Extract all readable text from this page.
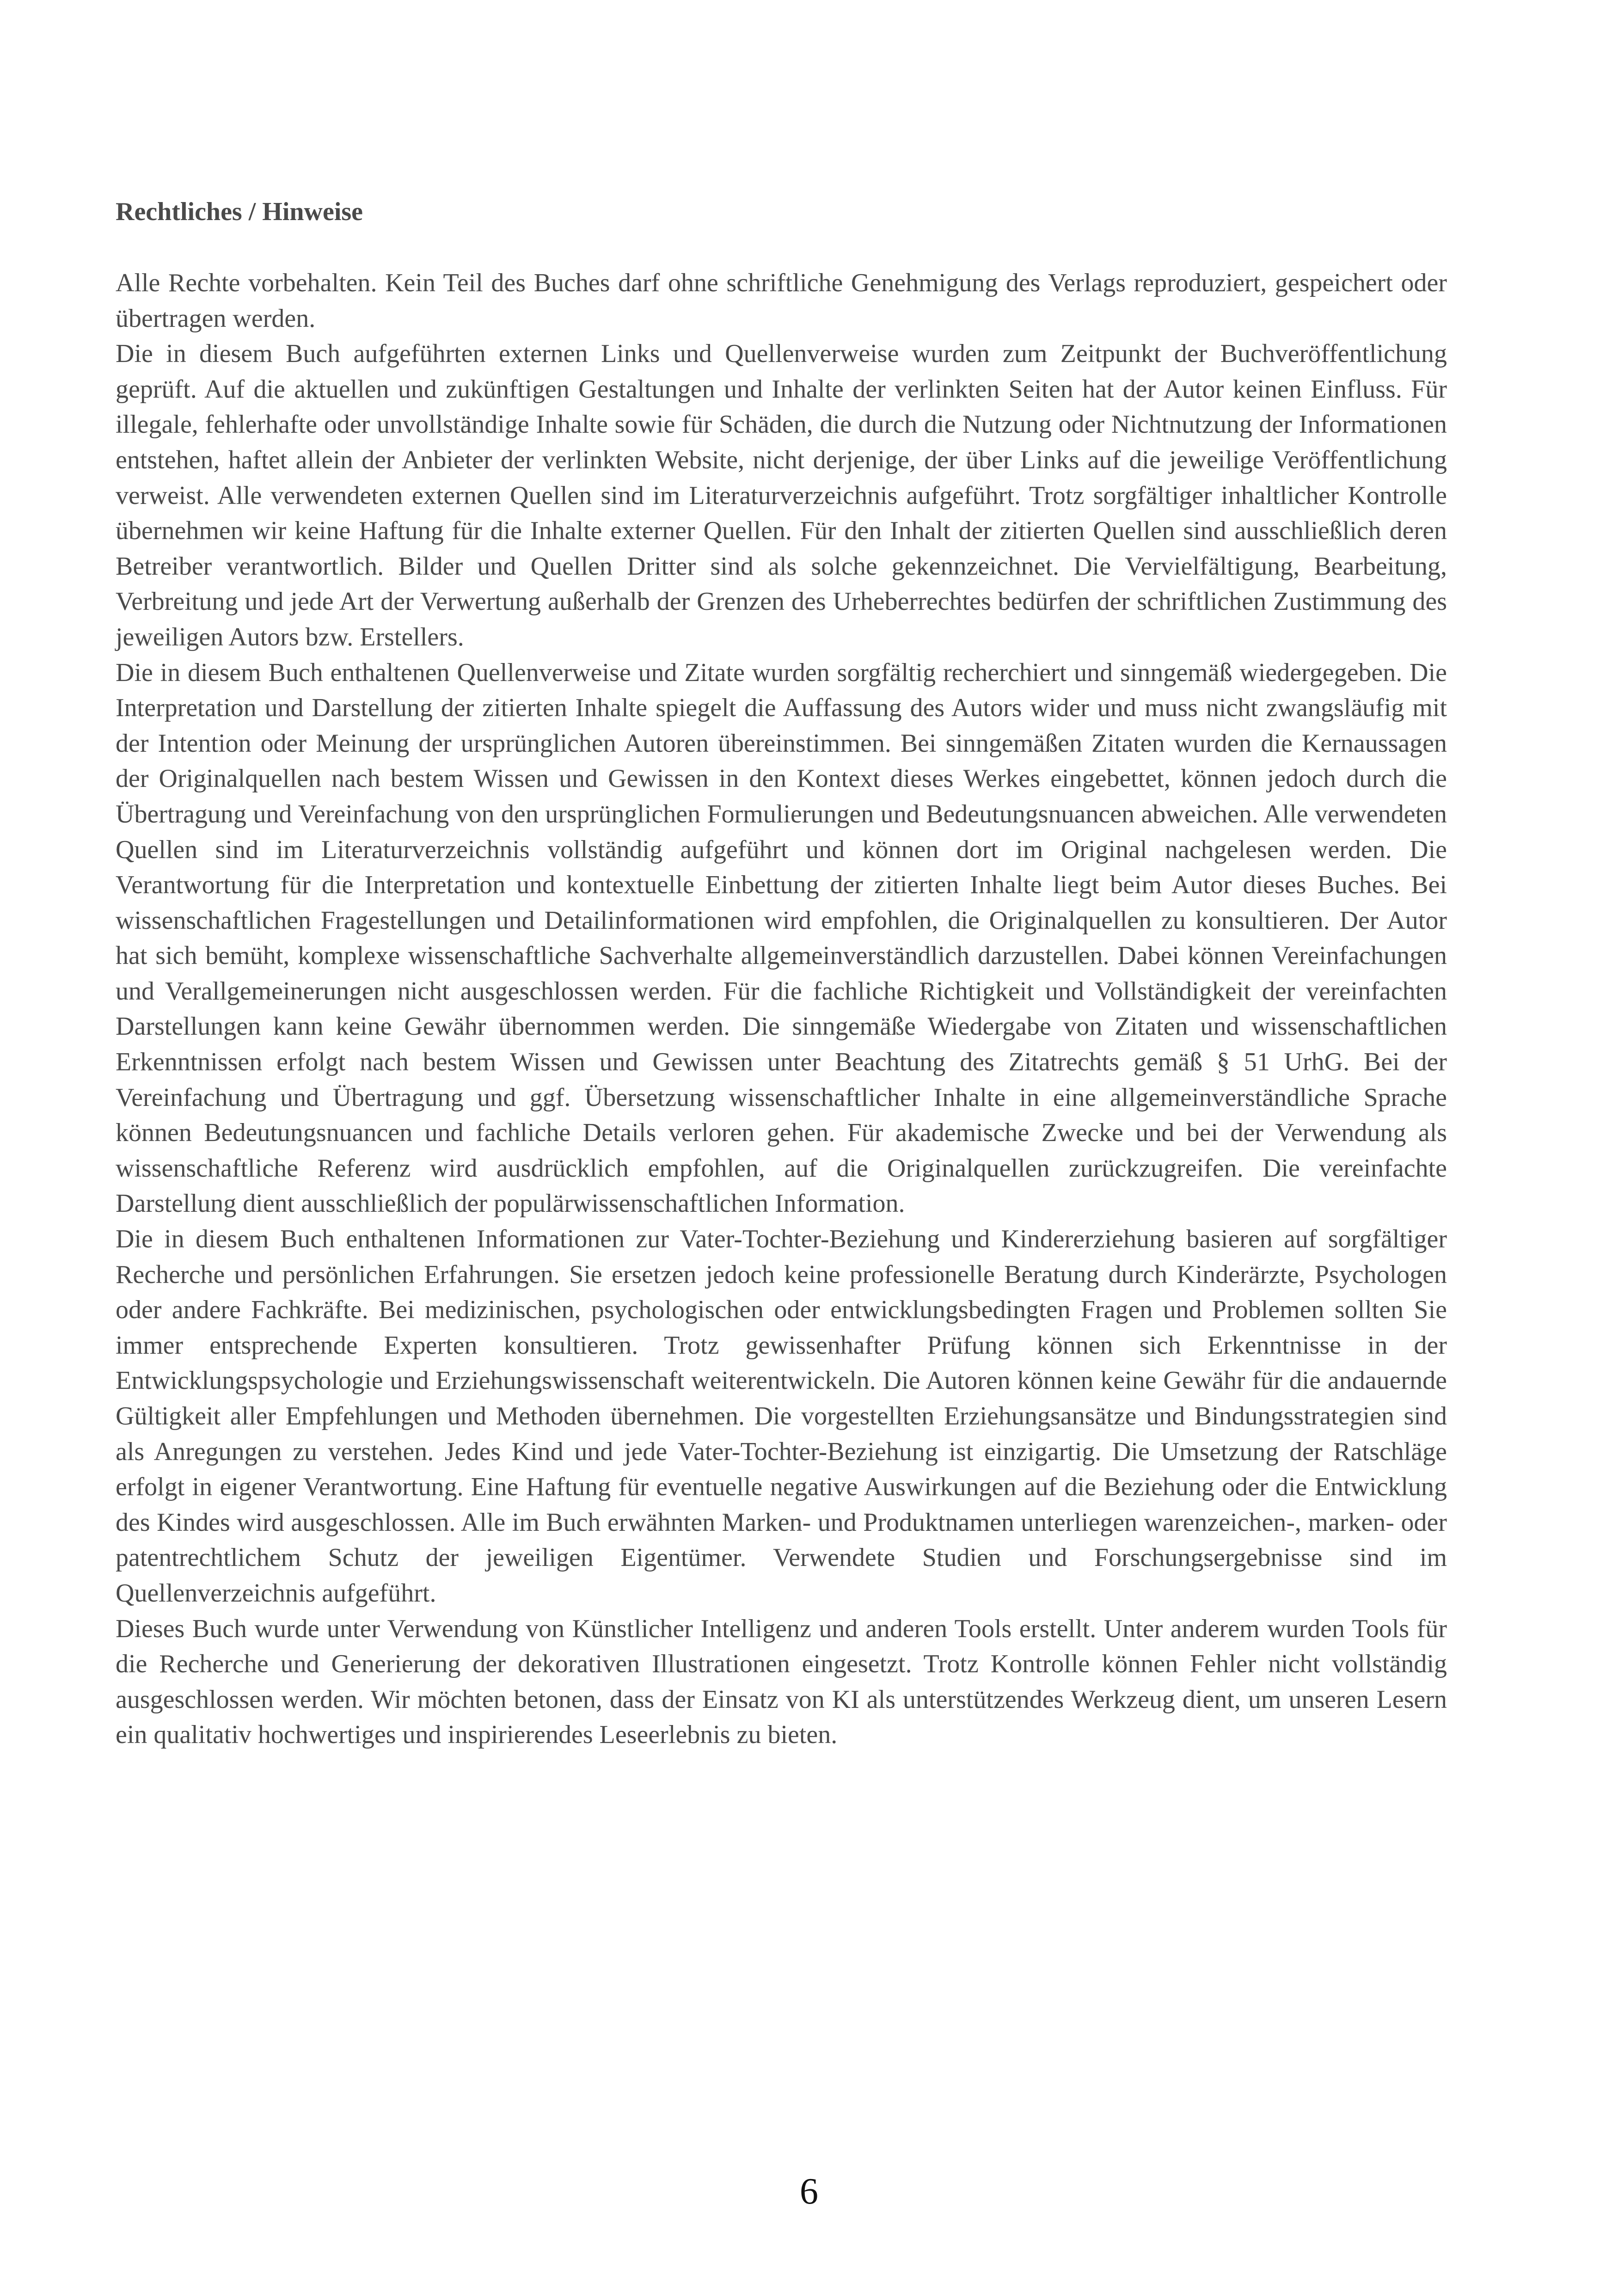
Rechtliches / Hinweise

Alle Rechte vorbehalten. Kein Teil des Buches darf ohne schriftliche Genehmigung des Verlags reproduziert, gespeichert oder übertragen werden.

Die in diesem Buch aufgeführten externen Links und Quellenverweise wurden zum Zeitpunkt der Buchveröffentlichung geprüft. Auf die aktuellen und zukünftigen Gestaltungen und Inhalte der verlinkten Seiten hat der Autor keinen Einfluss. Für illegale, fehlerhafte oder unvollständige Inhalte sowie für Schäden, die durch die Nutzung oder Nichtnutzung der Informationen entstehen, haftet allein der Anbieter der verlinkten Website, nicht derjenige, der über Links auf die jeweilige Veröffentlichung verweist. Alle verwendeten externen Quellen sind im Literaturverzeichnis aufgeführt. Trotz sorgfältiger inhaltlicher Kontrolle übernehmen wir keine Haftung für die Inhalte externer Quellen. Für den Inhalt der zitierten Quellen sind ausschließlich deren Betreiber verantwortlich. Bilder und Quellen Dritter sind als solche gekennzeichnet. Die Vervielfältigung, Bearbeitung, Verbreitung und jede Art der Verwertung außerhalb der Grenzen des Urheberrechtes bedürfen der schriftlichen Zustimmung des jeweiligen Autors bzw. Erstellers.

Die in diesem Buch enthaltenen Quellenverweise und Zitate wurden sorgfältig recherchiert und sinngemäß wiedergegeben. Die Interpretation und Darstellung der zitierten Inhalte spiegelt die Auffassung des Autors wider und muss nicht zwangsläufig mit der Intention oder Meinung der ursprünglichen Autoren übereinstimmen. Bei sinngemäßen Zitaten wurden die Kernaussagen der Originalquellen nach bestem Wissen und Gewissen in den Kontext dieses Werkes eingebettet, können jedoch durch die Übertragung und Vereinfachung von den ursprünglichen Formulierungen und Bedeutungsnuancen abweichen. Alle verwendeten Quellen sind im Literaturverzeichnis vollständig aufgeführt und können dort im Original nachgelesen werden. Die Verantwortung für die Interpretation und kontextuelle Einbettung der zitierten Inhalte liegt beim Autor dieses Buches. Bei wissenschaftlichen Fragestellungen und Detailinformationen wird empfohlen, die Originalquellen zu konsultieren. Der Autor hat sich bemüht, komplexe wissenschaftliche Sachverhalte allgemeinverständlich darzustellen. Dabei können Vereinfachungen und Verallgemeinerungen nicht ausgeschlossen werden. Für die fachliche Richtigkeit und Vollständigkeit der vereinfachten Darstellungen kann keine Gewähr übernommen werden. Die sinngemäße Wiedergabe von Zitaten und wissenschaftlichen Erkenntnissen erfolgt nach bestem Wissen und Gewissen unter Beachtung des Zitatrechts gemäß § 51 UrhG. Bei der Vereinfachung und Übertragung und ggf. Übersetzung wissenschaftlicher Inhalte in eine allgemeinverständliche Sprache können Bedeutungsnuancen und fachliche Details verloren gehen. Für akademische Zwecke und bei der Verwendung als wissenschaftliche Referenz wird ausdrücklich empfohlen, auf die Originalquellen zurückzugreifen. Die vereinfachte Darstellung dient ausschließlich der populärwissenschaftlichen Information.

Die in diesem Buch enthaltenen Informationen zur Vater-Tochter-Beziehung und Kindererziehung basieren auf sorgfältiger Recherche und persönlichen Erfahrungen. Sie ersetzen jedoch keine professionelle Beratung durch Kinderärzte, Psychologen oder andere Fachkräfte. Bei medizinischen, psychologischen oder entwicklungsbedingten Fragen und Problemen sollten Sie immer entsprechende Experten konsultieren. Trotz gewissenhafter Prüfung können sich Erkenntnisse in der Entwicklungspsychologie und Erziehungswissenschaft weiterentwickeln. Die Autoren können keine Gewähr für die andauernde Gültigkeit aller Empfehlungen und Methoden übernehmen. Die vorgestellten Erziehungsansätze und Bindungsstrategien sind als Anregungen zu verstehen. Jedes Kind und jede Vater-Tochter-Beziehung ist einzigartig. Die Umsetzung der Ratschläge erfolgt in eigener Verantwortung. Eine Haftung für eventuelle negative Auswirkungen auf die Beziehung oder die Entwicklung des Kindes wird ausgeschlossen. Alle im Buch erwähnten Marken- und Produktnamen unterliegen warenzeichen-, marken- oder patentrechtlichem Schutz der jeweiligen Eigentümer. Verwendete Studien und Forschungsergebnisse sind im Quellenverzeichnis aufgeführt.

Dieses Buch wurde unter Verwendung von Künstlicher Intelligenz und anderen Tools erstellt. Unter anderem wurden Tools für die Recherche und Generierung der dekorativen Illustrationen eingesetzt. Trotz Kontrolle können Fehler nicht vollständig ausgeschlossen werden. Wir möchten betonen, dass der Einsatz von KI als unterstützendes Werkzeug dient, um unseren Lesern ein qualitativ hochwertiges und inspirierendes Leseerlebnis zu bieten.

6
